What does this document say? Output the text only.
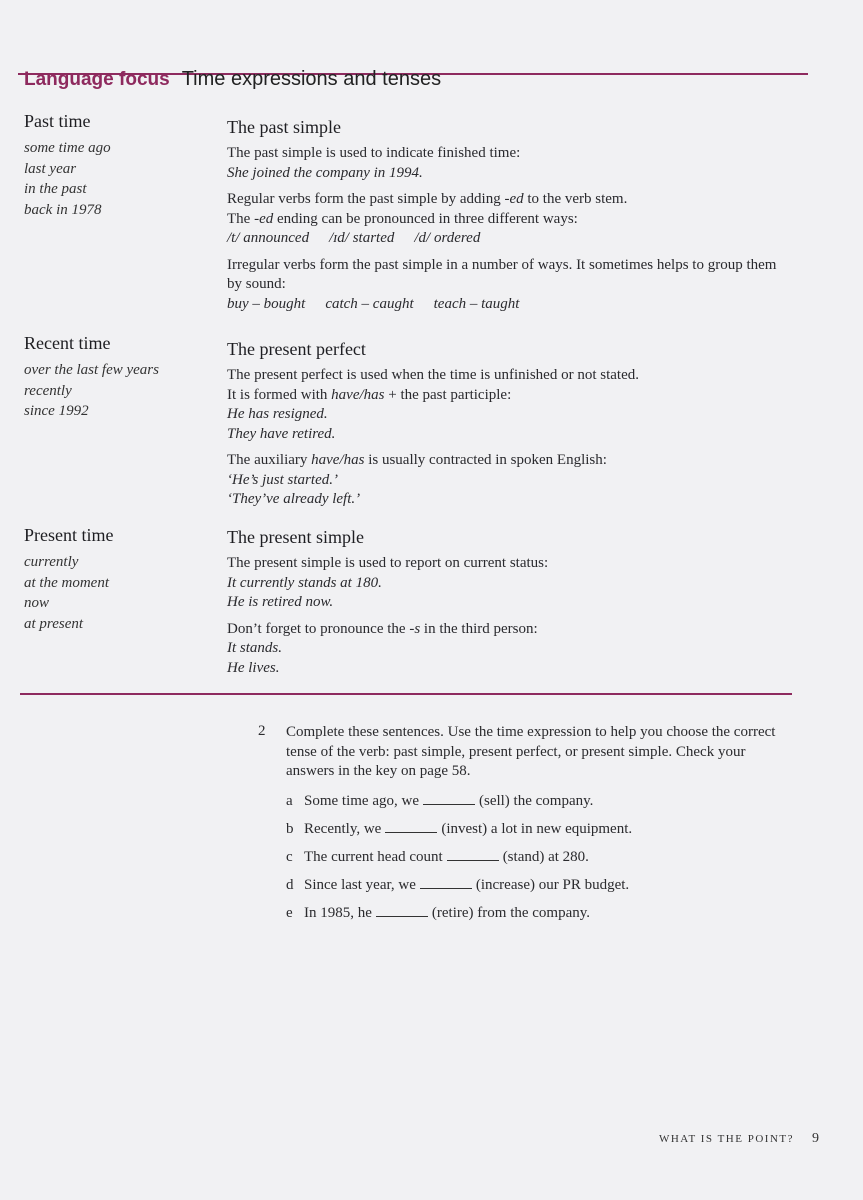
Language focus Time expressions and tenses
Past time
some time ago
last year
in the past
back in 1978
The past simple
The past simple is used to indicate finished time:
She joined the company in 1994.
Regular verbs form the past simple by adding -ed to the verb stem.
The -ed ending can be pronounced in three different ways:
/t/ announced /ɪd/ started /d/ ordered
Irregular verbs form the past simple in a number of ways. It sometimes helps to group them by sound:
buy – bought catch – caught teach – taught
Recent time
over the last few years
recently
since 1992
The present perfect
The present perfect is used when the time is unfinished or not stated.
It is formed with have/has + the past participle:
He has resigned.
They have retired.
The auxiliary have/has is usually contracted in spoken English:
‘He’s just started.’
‘They’ve already left.’
Present time
currently
at the moment
now
at present
The present simple
The present simple is used to report on current status:
It currently stands at 180.
He is retired now.
Don’t forget to pronounce the -s in the third person:
It stands.
He lives.
2 Complete these sentences. Use the time expression to help you choose the correct tense of the verb: past simple, present perfect, or present simple. Check your answers in the key on page 58.
a Some time ago, we	(sell) the company.
b Recently, we	(invest) a lot in new equipment.
c The current head count	(stand) at 280.
d Since last year, we	(increase) our PR budget.
e In 1985, he	(retire) from the company.
WHAT IS THE POINT? 9
